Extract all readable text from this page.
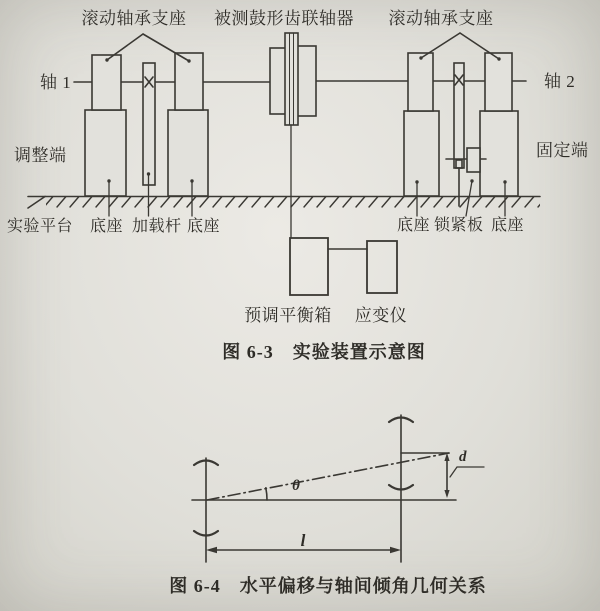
滚动轴承支座 被测鼓形齿联轴器 滚动轴承支座
轴 1	轴 2
调整端	固定端
实验平台 底座 加载杆 底座	底座 锁紧板 底座
预调平衡箱 应变仪
图 6-3　实验装置示意图
θ
d
l
图 6-4　水平偏移与轴间倾角几何关系
